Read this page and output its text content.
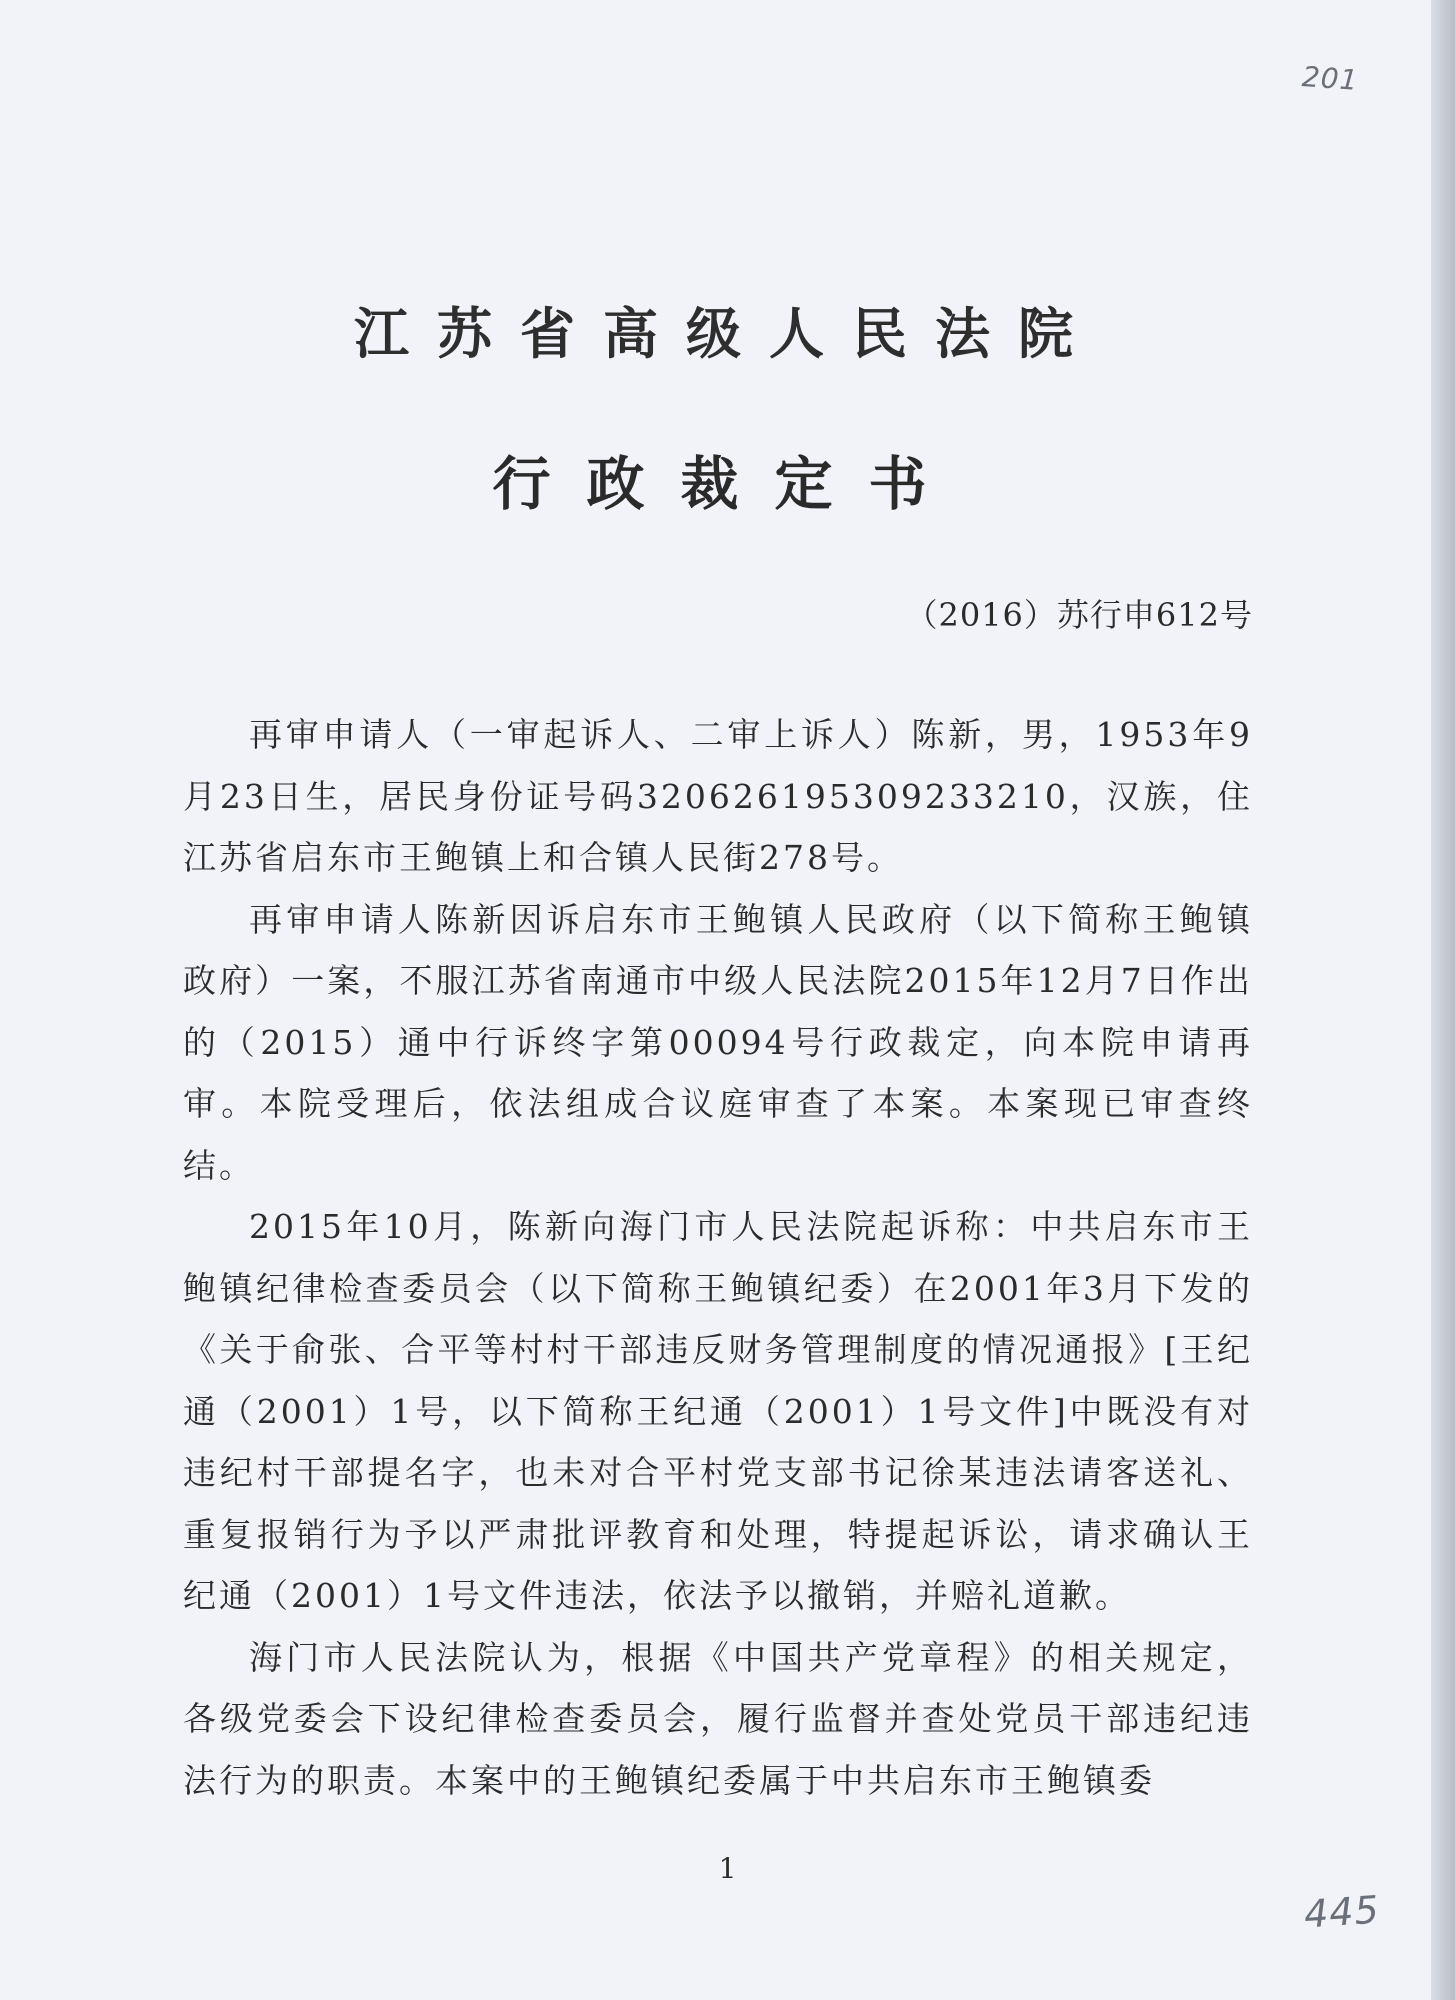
201
江苏省高级人民法院
行政裁定书
（2016）苏行申612号

再审申请人（一审起诉人、二审上诉人）陈新，男，1953年9月23日生，居民身份证号码320626195309233210，汉族，住江苏省启东市王鲍镇上和合镇人民街278号。

再审申请人陈新因诉启东市王鲍镇人民政府（以下简称王鲍镇政府）一案，不服江苏省南通市中级人民法院2015年12月7日作出的（2015）通中行诉终字第00094号行政裁定，向本院申请再审。本院受理后，依法组成合议庭审查了本案。本案现已审查终结。

2015年10月，陈新向海门市人民法院起诉称：中共启东市王鲍镇纪律检查委员会（以下简称王鲍镇纪委）在2001年3月下发的《关于俞张、合平等村村干部违反财务管理制度的情况通报》[王纪通（2001）1号，以下简称王纪通（2001）1号文件]中既没有对违纪村干部提名字，也未对合平村党支部书记徐某违法请客送礼、重复报销行为予以严肃批评教育和处理，特提起诉讼，请求确认王纪通（2001）1号文件违法，依法予以撤销，并赔礼道歉。

海门市人民法院认为，根据《中国共产党章程》的相关规定，各级党委会下设纪律检查委员会，履行监督并查处党员干部违纪违法行为的职责。本案中的王鲍镇纪委属于中共启东市王鲍镇委

1
445
